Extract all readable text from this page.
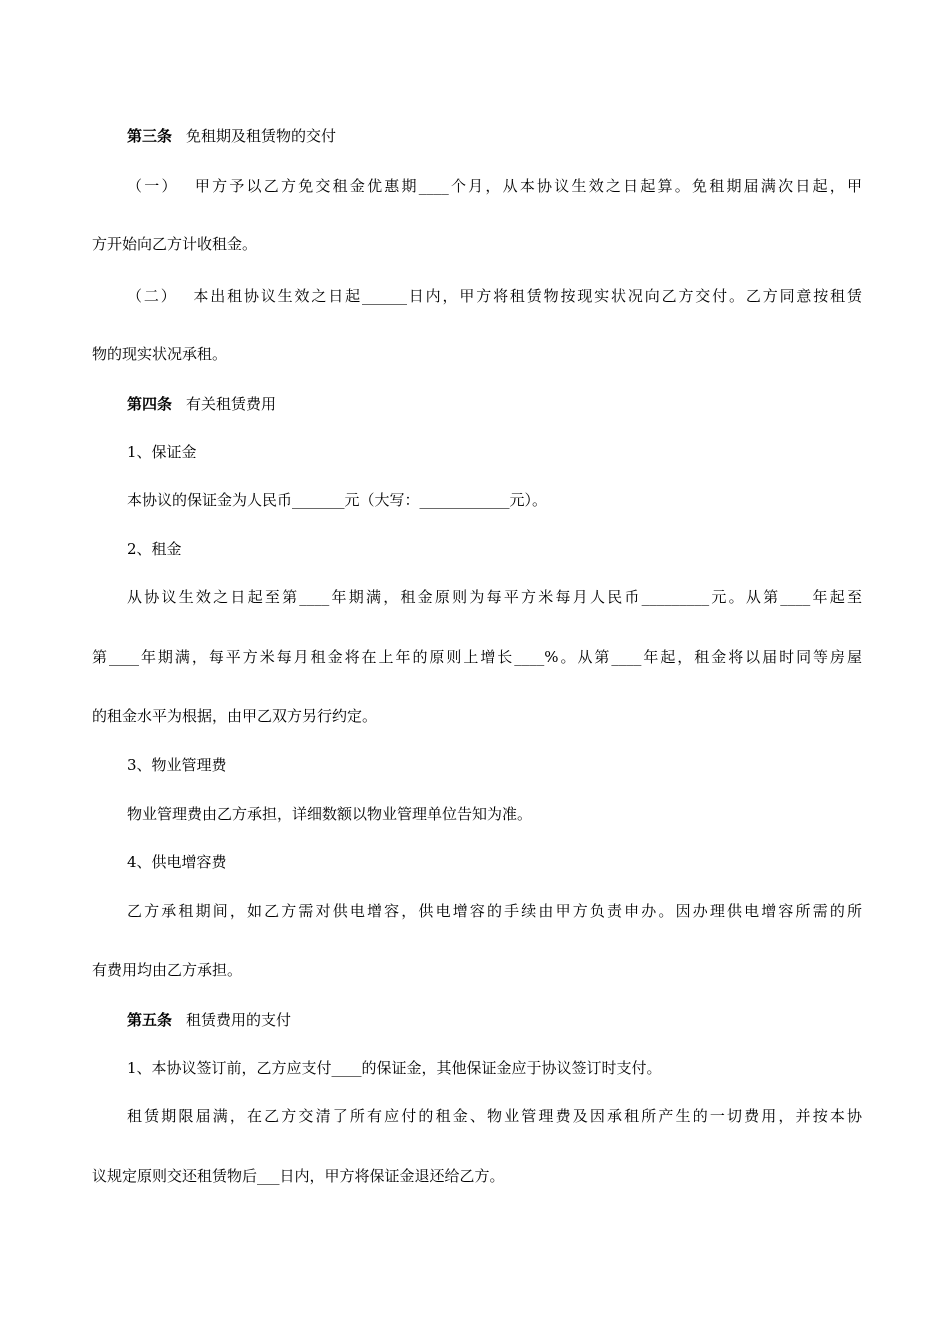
第三条 免租期及租赁物的交付
（一） 甲方予以乙方免交租金优惠期____个月，从本协议生效之日起算。免租期届满次日起，甲
方开始向乙方计收租金。
（二） 本出租协议生效之日起______日内，甲方将租赁物按现实状况向乙方交付。乙方同意按租赁
物的现实状况承租。
第四条 有关租赁费用
1、保证金
本协议的保证金为人民币_______元（大写：____________元）。
2、租金
从协议生效之日起至第____年期满，租金原则为每平方米每月人民币_________元。从第____年起至
第____年期满，每平方米每月租金将在上年的原则上增长____%。从第____年起，租金将以届时同等房屋
的租金水平为根据，由甲乙双方另行约定。
3、物业管理费
物业管理费由乙方承担，详细数额以物业管理单位告知为准。
4、供电增容费
乙方承租期间，如乙方需对供电增容，供电增容的手续由甲方负责申办。因办理供电增容所需的所
有费用均由乙方承担。
第五条 租赁费用的支付
1、本协议签订前，乙方应支付____的保证金，其他保证金应于协议签订时支付。
租赁期限届满，在乙方交清了所有应付的租金、物业管理费及因承租所产生的一切费用，并按本协
议规定原则交还租赁物后___日内，甲方将保证金退还给乙方。
